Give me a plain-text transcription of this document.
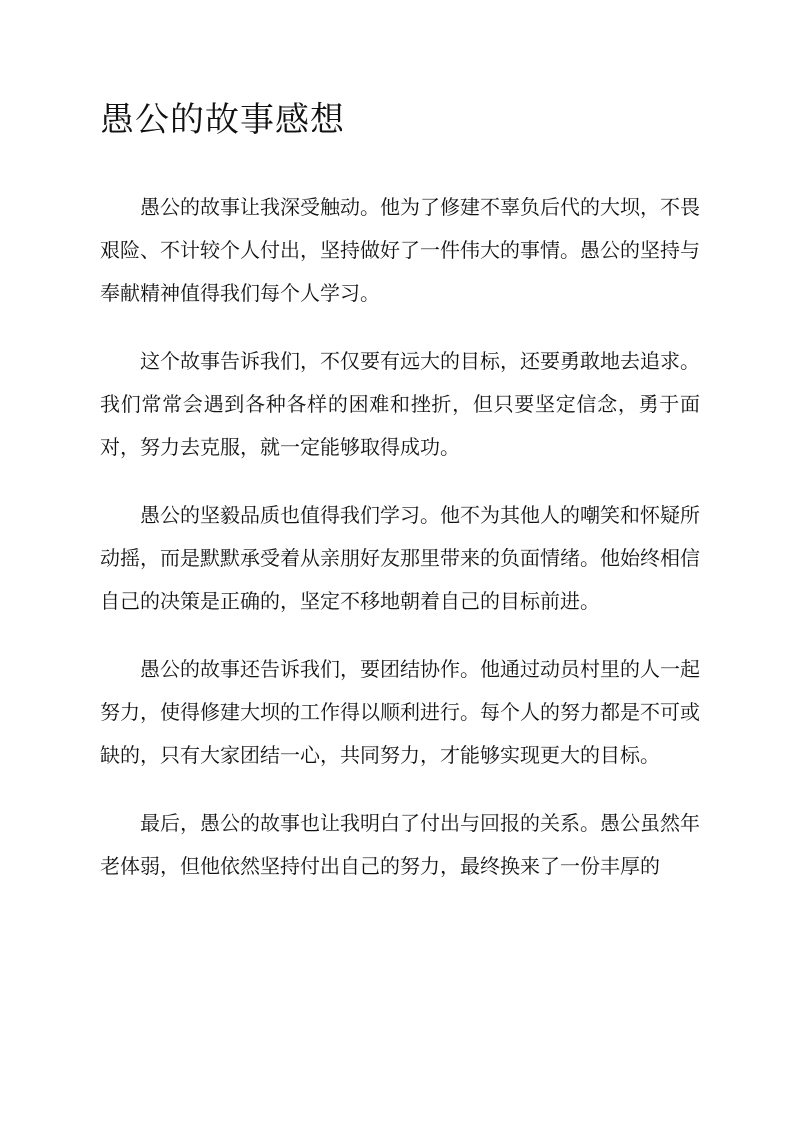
愚公的故事感想

愚公的故事让我深受触动。他为了修建不辜负后代的大坝，不畏艰险、不计较个人付出，坚持做好了一件伟大的事情。愚公的坚持与奉献精神值得我们每个人学习。

这个故事告诉我们，不仅要有远大的目标，还要勇敢地去追求。我们常常会遇到各种各样的困难和挫折，但只要坚定信念，勇于面对，努力去克服，就一定能够取得成功。

愚公的坚毅品质也值得我们学习。他不为其他人的嘲笑和怀疑所动摇，而是默默承受着从亲朋好友那里带来的负面情绪。他始终相信自己的决策是正确的，坚定不移地朝着自己的目标前进。

愚公的故事还告诉我们，要团结协作。他通过动员村里的人一起努力，使得修建大坝的工作得以顺利进行。每个人的努力都是不可或缺的，只有大家团结一心，共同努力，才能够实现更大的目标。

最后，愚公的故事也让我明白了付出与回报的关系。愚公虽然年老体弱，但他依然坚持付出自己的努力，最终换来了一份丰厚的
